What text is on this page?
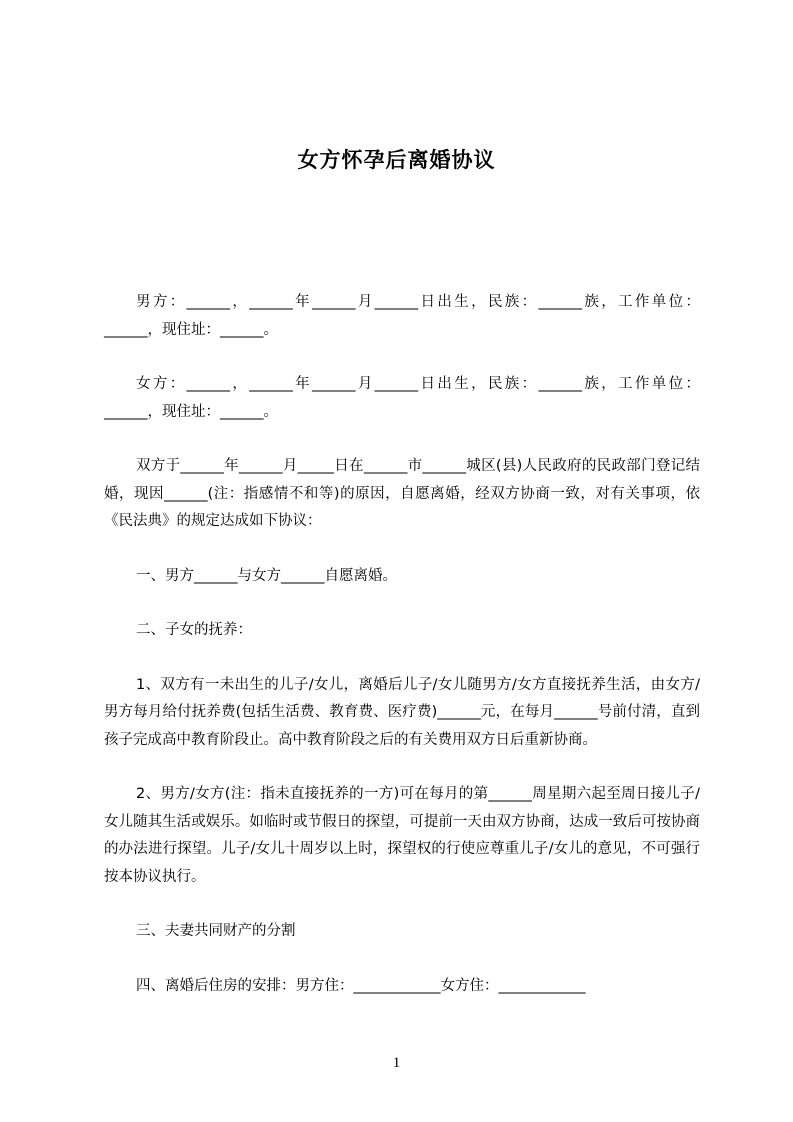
女方怀孕后离婚协议

男方：______，______年______月______日出生，民族：______族，工作单位：______，现住址：______。

女方：______，______年______月______日出生，民族：______族，工作单位：______，现住址：______。

双方于______年______月_____日在______市______城区(县)人民政府的民政部门登记结婚，现因______(注：指感情不和等)的原因，自愿离婚，经双方协商一致，对有关事项，依《民法典》的规定达成如下协议：

一、男方______与女方______自愿离婚。

二、子女的抚养：

1、双方有一未出生的儿子/女儿，离婚后儿子/女儿随男方/女方直接抚养生活，由女方/男方每月给付抚养费(包括生活费、教育费、医疗费)______元，在每月______号前付清，直到孩子完成高中教育阶段止。高中教育阶段之后的有关费用双方日后重新协商。

2、男方/女方(注：指未直接抚养的一方)可在每月的第______周星期六起至周日接儿子/女儿随其生活或娱乐。如临时或节假日的探望，可提前一天由双方协商，达成一致后可按协商的办法进行探望。儿子/女儿十周岁以上时，探望权的行使应尊重儿子/女儿的意见，不可强行按本协议执行。

三、夫妻共同财产的分割

四、离婚后住房的安排：男方住：____________女方住：____________

1
